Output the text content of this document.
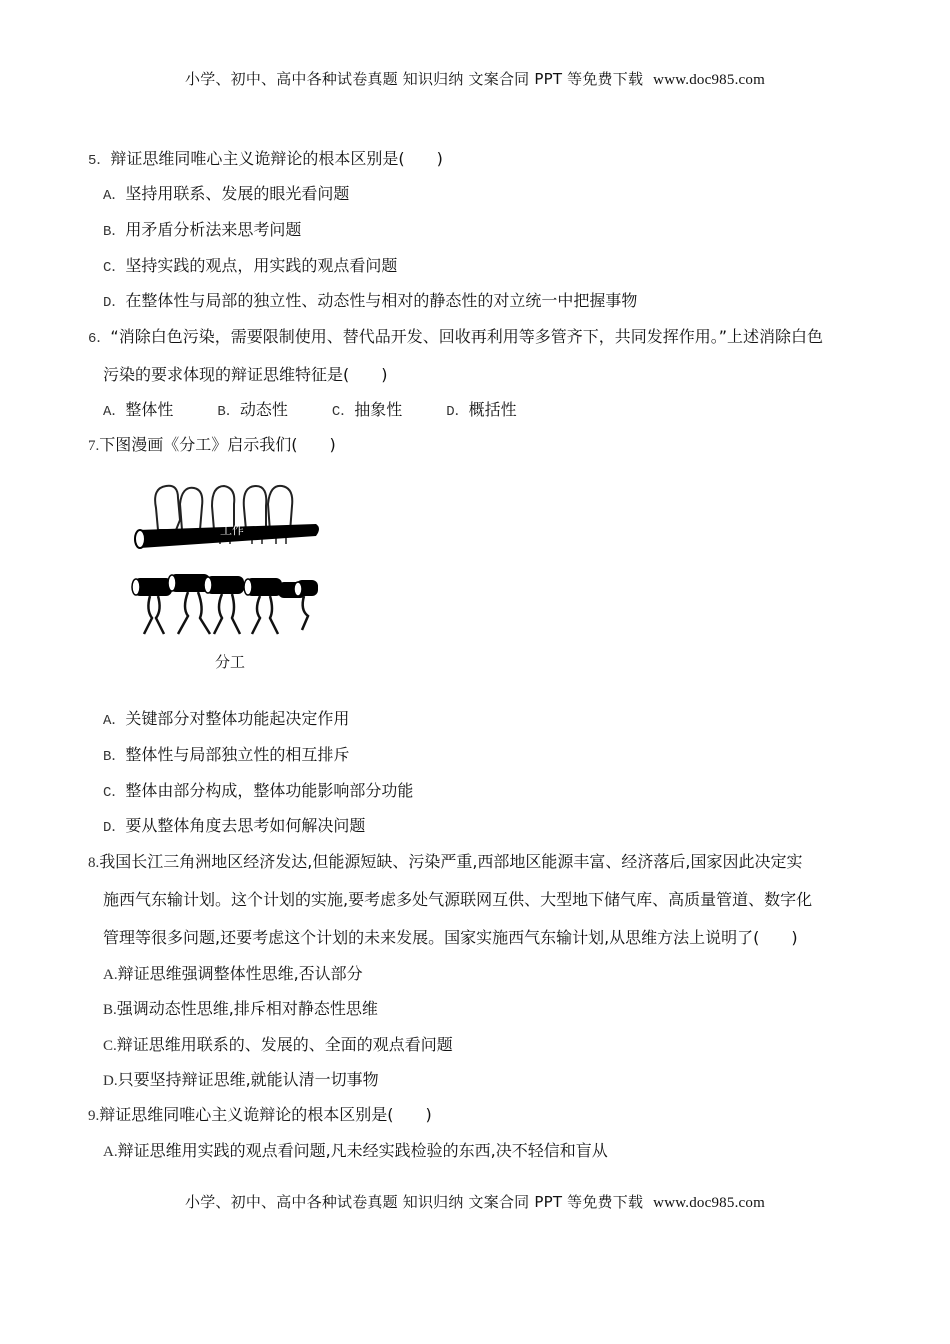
小学、初中、高中各种试卷真题 知识归纳 文案合同 PPT 等免费下载 www.doc985.com
5．辩证思维同唯心主义诡辩论的根本区别是(　　)
A．坚持用联系、发展的眼光看问题
B．用矛盾分析法来思考问题
C．坚持实践的观点，用实践的观点看问题
D．在整体性与局部的独立性、动态性与相对的静态性的对立统一中把握事物
6．“消除白色污染，需要限制使用、替代品开发、回收再利用等多管齐下，共同发挥作用。”上述消除白色
污染的要求体现的辩证思维特征是(　　)
A．整体性	B．动态性	C．抽象性	D．概括性
7.下图漫画《分工》启示我们(　　)
工作
分工
A．关键部分对整体功能起决定作用
B．整体性与局部独立性的相互排斥
C．整体由部分构成，整体功能影响部分功能
D．要从整体角度去思考如何解决问题
8.我国长江三角洲地区经济发达,但能源短缺、污染严重,西部地区能源丰富、经济落后,国家因此决定实
施西气东输计划。这个计划的实施,要考虑多处气源联网互供、大型地下储气库、高质量管道、数字化
管理等很多问题,还要考虑这个计划的未来发展。国家实施西气东输计划,从思维方法上说明了(　　)
A.辩证思维强调整体性思维,否认部分
B.强调动态性思维,排斥相对静态性思维
C.辩证思维用联系的、发展的、全面的观点看问题
D.只要坚持辩证思维,就能认清一切事物
9.辩证思维同唯心主义诡辩论的根本区别是(　　)
A.辩证思维用实践的观点看问题,凡未经实践检验的东西,决不轻信和盲从
小学、初中、高中各种试卷真题 知识归纳 文案合同 PPT 等免费下载 www.doc985.com
